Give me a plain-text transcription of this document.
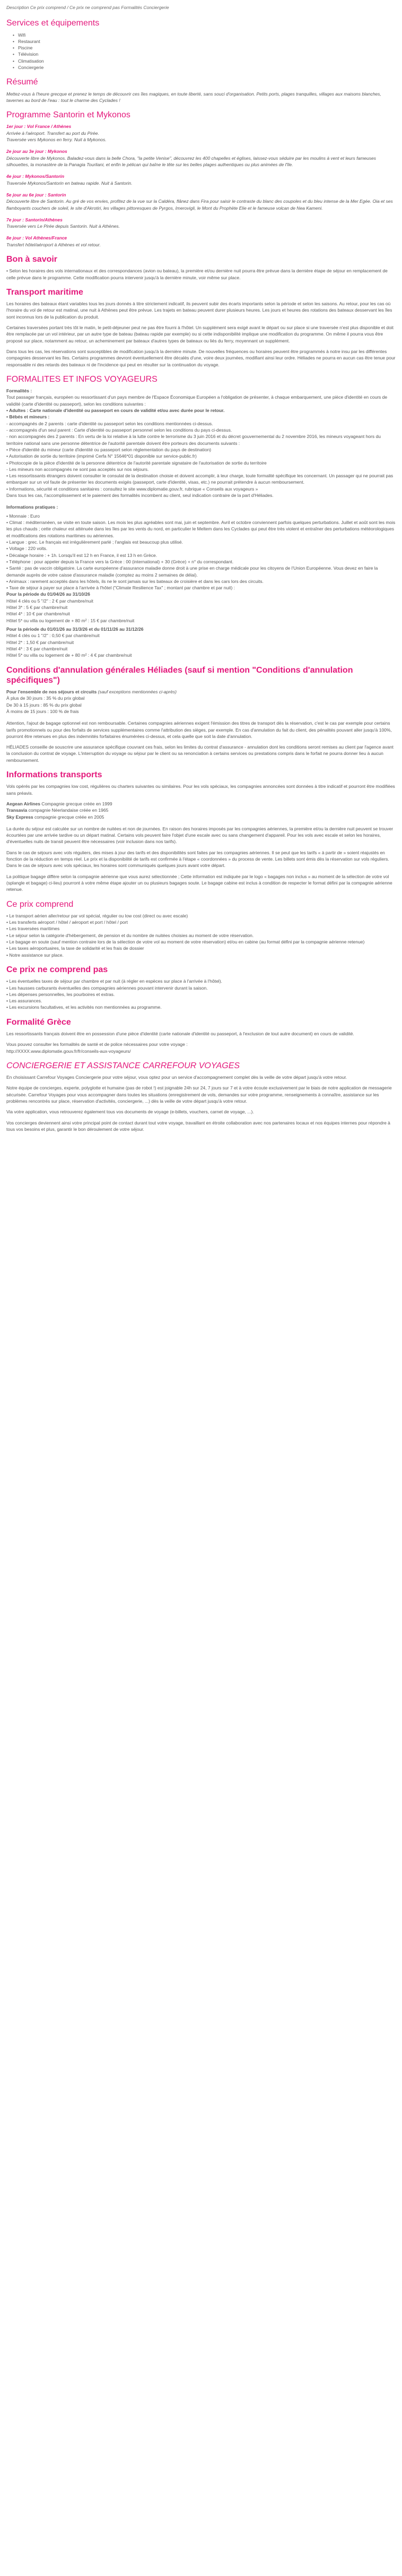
Description Ce prix comprend / Ce prix ne comprend pas Formalités Conciergerie

Services et équipements
• Wifi
• Restaurant
• Piscine
• Télévision
• Climatisation
• Conciergerie
Résumé

Mettez-vous à l'heure grecque et prenez le temps de découvrir ces îles magiques, en toute liberté, sans souci d'organisation. Petits ports, plages tranquilles, villages aux maisons blanches, tavernes au bord de l'eau : tout le charme des Cyclades !

Programme Santorin et Mykonos
1er jour : Vol France / Athènes
Arrivée à l'aéroport. Transfert au port du Pirée.
Traversée vers Mykonos en ferry. Nuit à Mykonos.
2e jour au 3e jour : Mykonos
Découverte libre de Mykonos. Baladez-vous dans la belle Chora, "la petite Venise", découvrez les 400 chapelles et églises, laissez-vous séduire par les moulins à vent et leurs fameuses silhouettes, la monastère de la Panagia Tourliani, et enfin le pélican qui baîne le tête sur les belles plages authentiques ou plus animées de l'île.
4e jour : Mykonos/Santorin
Traversée Mykonos/Santorin en bateau rapide. Nuit à Santorin.
5e jour au 6e jour : Santorin
Découverte libre de Santorin. Au gré de vos envies, profitez de la vue sur la Caldéra, flânez dans Fira pour saisir le contraste du blanc des coupoles et du bleu intense de la Mer Egée. Oia et ses flamboyants couchers de soleil, le site d'Akrotiri, les villages pittoresques de Pyrgos, Imerovigli, le Mont du Prophète Elie et le fameuse volcan de Nea Kameni.
7e jour : Santorin/Athènes
Traversée vers Le Pirée depuis Santorin. Nuit à Athènes.
8e jour : Vol Athènes/France
Transfert hôtel/aéroport à Athènes et vol retour.
Bon à savoir

• Selon les horaires des vols internationaux et des correspondances (avion ou bateau), la première et/ou dernière nuit pourra être prévue dans la dernière étape de séjour en remplacement de celle prévue dans le programme. Cette modification pourra intervenir jusqu'à la dernière minute, voir même sur place.

Transport maritime

Les horaires des bateaux étant variables tous les jours donnés à titre strictement indicatif, ils peuvent subir des écarts importants selon la période et selon les saisons. Au retour, pour les cas où l'horaire du vol de retour est matinal, une nuit à Athènes peut être prévue. Les trajets en bateau peuvent durer plusieurs heures. Les jours et heures des rotations des bateaux desservant les îles sont inconnus lors de la publication du produit.

Certaines traversées portant très tôt le matin, le petit-déjeuner peut ne pas être fourni à l'hôtel. Un supplément sera exigé avant le départ ou sur place si une traversée n'est plus disponible et doit être remplacée par un vol intérieur, par un autre type de bateau (bateau rapide par exemple) ou si cette indisponibilité implique une modification du programme. On même il pourra vous être proposé sur place, notamment au retour, un acheminement par bateaux d'autres types de bateaux ou liés du ferry, moyennant un supplément.

Dans tous les cas, les réservations sont susceptibles de modification jusqu'à la dernière minute. De nouvelles fréquences ou horaires peuvent être programmés à notre insu par les différentes compagnies desservant les îles. Certains programmes devront éventuellement être décalés d'une, voire deux journées, modifiant ainsi leur ordre. Héliades ne pourra en aucun cas être tenue pour responsable ni des retards des bateaux ni de l'incidence qui peut en résulter sur la continuation du voyage.

FORMALITES ET INFOS VOYAGEURS
Formalités :
Tout passager français, européen ou ressortissant d'un pays membre de l'Espace Économique Européen a l'obligation de présenter, à chaque embarquement, une pièce d'identité en cours de validité (carte d'identité ou passeport), selon les conditions suivantes :
• Adultes : Carte nationale d'identité ou passeport en cours de validité et/ou avec durée pour le retour.
• Bébés et mineurs :
- accompagnés de 2 parents : carte d'identité ou passeport selon les conditions mentionnées ci-dessus.
- accompagnés d'un seul parent : Carte d'identité ou passeport personnel selon les conditions du pays ci-dessus.
- non accompagnés des 2 parents : En vertu de la loi relative à la lutte contre le terrorisme du 3 juin 2016 et du décret gouvernemental du 2 novembre 2016, les mineurs voyageant hors du territoire national sans une personne détentrice de l'autorité parentale doivent être porteurs des documents suivants :
• Pièce d'identité du mineur (carte d'identité ou passeport selon réglementation du pays de destination)
• Autorisation de sortie du territoire (imprimé Cerfa N° 15646*01 disponible sur service-public.fr)
• Photocopie de la pièce d'identité de la personne détentrice de l'autorité parentale signataire de l'autorisation de sortie du territoire
- Les mineurs non accompagnés ne sont pas acceptés sur nos séjours.
• Les ressortissants étrangers doivent consulter le consulat de la destination choisie et doivent accomplir, à leur charge, toute formalité spécifique les concernant. Un passager qui ne pourrait pas embarquer sur un vol faute de présenter les documents exigés (passeport, carte d'identité, visas, etc.) ne pourrait prétendre à aucun remboursement.
• Informations, sécurité et conditions sanitaires : consultez le site www.diplomatie.gouv.fr, rubrique « Conseils aux voyageurs »
Dans tous les cas, l'accomplissement et le paiement des formalités incombent au client, seul indication contraire de la part d'Héliades.
Informations pratiques :
• Monnaie : Euro
• Climat : méditerranéen, se visite en toute saison. Les mois les plus agréables sont mai, juin et septembre. Avril et octobre conviennent parfois quelques perturbations. Juillet et août sont les mois les plus chauds ; cette chaleur est atténuée dans les îles par les vents du nord, en particulier le Meltem dans les Cyclades qui peut être très violent et entraîner des perturbations météorologiques et modifications des rotations maritimes ou aériennes.
• Langue : grec. Le français est irrégulièrement parlé ; l'anglais est beaucoup plus utilisé.
• Voltage : 220 volts.
• Décalage horaire : + 1h. Lorsqu'il est 12 h en France, il est 13 h en Grèce.
• Téléphone : pour appeler depuis la France vers la Grèce : 00 (international) + 30 (Grèce) + n° du correspondant.
• Santé : pas de vaccin obligatoire. La carte européenne d'assurance maladie donne droit à une prise en charge médicale pour les citoyens de l'Union Européenne. Vous devez en faire la demande auprès de votre caisse d'assurance maladie (comptez au moins 2 semaines de délai).
• Animaux : rarement acceptés dans les hôtels, ils ne le sont jamais sur les bateaux de croisière et dans les cars lors des circuits.
• Taxe de séjour à payer sur place à l'arrivée à l'hôtel ("Climate Resilience Tax" ; montant par chambre et par nuit) :
Pour la période du 01/04/26 au 31/10/26
Hôtel 4 clés ou 5 "/2" : 2 € par chambre/nuit
Hôtel 3* : 5 € par chambre/nuit
Hôtel 4* : 10 € par chambre/nuit
Hôtel 5* ou villa ou logement de + 80 m² : 15 € par chambre/nuit
Pour la période du 01/01/26 au 31/3/26 et du 01/11/26 au 31/12/26
Hôtel 4 clés ou 1 "/2" : 0,50 € par chambre/nuit
Hôtel 2* : 1,50 € par chambre/nuit
Hôtel 4* : 3 € par chambre/nuit
Hôtel 5* ou villa ou logement de + 80 m² : 4 € par chambre/nuit
Conditions d'annulation générales Héliades (sauf si mention "Conditions d'annulation spécifiques")
Pour l'ensemble de nos séjours et circuits (sauf exceptions mentionnées ci-après)
À plus de 30 jours : 35 % du prix global
De 30 à 15 jours : 85 % du prix global
À moins de 15 jours : 100 % de frais

Attention, l'ajout de bagage optionnel est non remboursable. Certaines compagnies aériennes exigent l'émission des titres de transport dès la réservation, c'est le cas par exemple pour certains tarifs promotionnels ou pour des forfaits de services supplémentaires comme l'attribution des sièges, par exemple. En cas d'annulation du fait du client, des pénalités pouvant aller jusqu'à 100%, pourront être retenues en plus des indemnités forfaitaires énumérées ci-dessus, et cela quelle que soit la date d'annulation.

HÉLIADES conseille de souscrire une assurance spécifique couvrant ces frais, selon les limites du contrat d'assurance - annulation dont les conditions seront remises au client par l'agence avant la conclusion du contrat de voyage. L'interruption du voyage ou séjour par le client ou sa renonciation à certains services ou prestations compris dans le forfait ne pourra donner lieu à aucun remboursement.

Informations transports

Vols opérés par les compagnies low cost, régulières ou charters suivantes ou similaires. Pour les vols spéciaux, les compagnies annoncées sont données à titre indicatif et pourront être modifiées sans préavis.

Aegean Airlines Compagnie grecque créée en 1999
Transavia compagnie Néerlandaise créée en 1965
Sky Express compagnie grecque créée en 2005

La durée du séjour est calculée sur un nombre de nuitées et non de journées. En raison des horaires imposés par les compagnies aériennes, la première et/ou la dernière nuit peuvent se trouver écourtées par une arrivée tardive ou un départ matinal. Certains vols peuvent faire l'objet d'une escale avec ou sans changement d'appareil. Pour les vols avec escale et selon les horaires, d'éventuelles nuits de transit peuvent être nécessaires (voir inclusion dans nos tarifs).

Dans le cas de séjours avec vols réguliers, des mises à jour des tarifs et des disponibilités sont faites par les compagnies aériennes. Il se peut que les tarifs « à partir de » soient réajustés en fonction de la réduction en temps réel. Le prix et la disponibilité de tarifs est confirmée à l'étape « coordonnées » du process de vente. Les billets sont émis dès la réservation sur vols réguliers. Dans le cas de séjours avec vols spéciaux, les horaires sont communiqués quelques jours avant votre départ.

La politique bagage diffère selon la compagnie aérienne que vous aurez sélectionnée ; Cette information est indiquée par le logo « bagages non inclus » au moment de la sélection de votre vol (splangle et bagage) ci-lieu) pourront à votre même étape ajouter un ou plusieurs bagages soute. Le bagage cabine est inclus à condition de respecter le format défini par la compagnie aérienne retenue.

Ce prix comprend
• Le transport aérien aller/retour par vol spécial, régulier ou low cost (direct ou avec escale)
• Les transferts aéroport / hôtel / aéroport et port / hôtel / port
• Les traversées maritimes
• Le séjour selon la catégorie d'hébergement, de pension et du nombre de nuitées choisies au moment de votre réservation.
• Le bagage en soute (sauf mention contraire lors de la sélection de votre vol au moment de votre réservation) et/ou en cabine (au format défini par la compagnie aérienne retenue)
• Les taxes aéroportuaires, la taxe de solidarité et les frais de dossier
• Notre assistance sur place.
Ce prix ne comprend pas
• Les éventuelles taxes de séjour par chambre et par nuit (à régler en espèces sur place à l'arrivée à l'hôtel).
• Les hausses carburants éventuelles des compagnies aériennes pouvant intervenir durant la saison.
• Les dépenses personnelles, les pourboires et extras.
• Les assurances.
• Les excursions facultatives, et les activités non mentionnées au programme.
Formalité Grèce

Les ressortissants français doivent être en possession d'une pièce d'identité (carte nationale d'identité ou passeport, à l'exclusion de tout autre document) en cours de validité.

Vous pouvez consulter les formalités de santé et de police nécessaires pour votre voyage :
http://XXXX.www.diplomatie.gouv.fr/fr/conseils-aux-voyageurs/

CONCIERGERIE ET ASSISTANCE CARREFOUR VOYAGES

En choisissant Carrefour Voyages Conciergerie pour votre séjour, vous optez pour un service d'accompagnement complet dès la veille de votre départ jusqu'à votre retour.

Notre équipe de concierges, experte, polyglotte et humaine (pas de robot !) est joignable 24h sur 24, 7 jours sur 7 et à votre écoute exclusivement par le biais de notre application de messagerie sécurisée. Carrefour Voyages pour vous accompagner dans toutes les situations (enregistrement de vols, demandes sur votre programme, renseignements à connaître, assistance sur les problèmes rencontrés sur place, réservation d'activités, conciergerie, ...) dès la veille de votre départ jusqu'à votre retour.

Via votre application, vous retrouverez également tous vos documents de voyage (e-billets, vouchers, carnet de voyage, ...).

Vos concierges deviennent ainsi votre principal point de contact durant tout votre voyage, travaillant en étroite collaboration avec nos partenaires locaux et nos équipes internes pour répondre à tous vos besoins et plus, garantir le bon déroulement de votre séjour.
